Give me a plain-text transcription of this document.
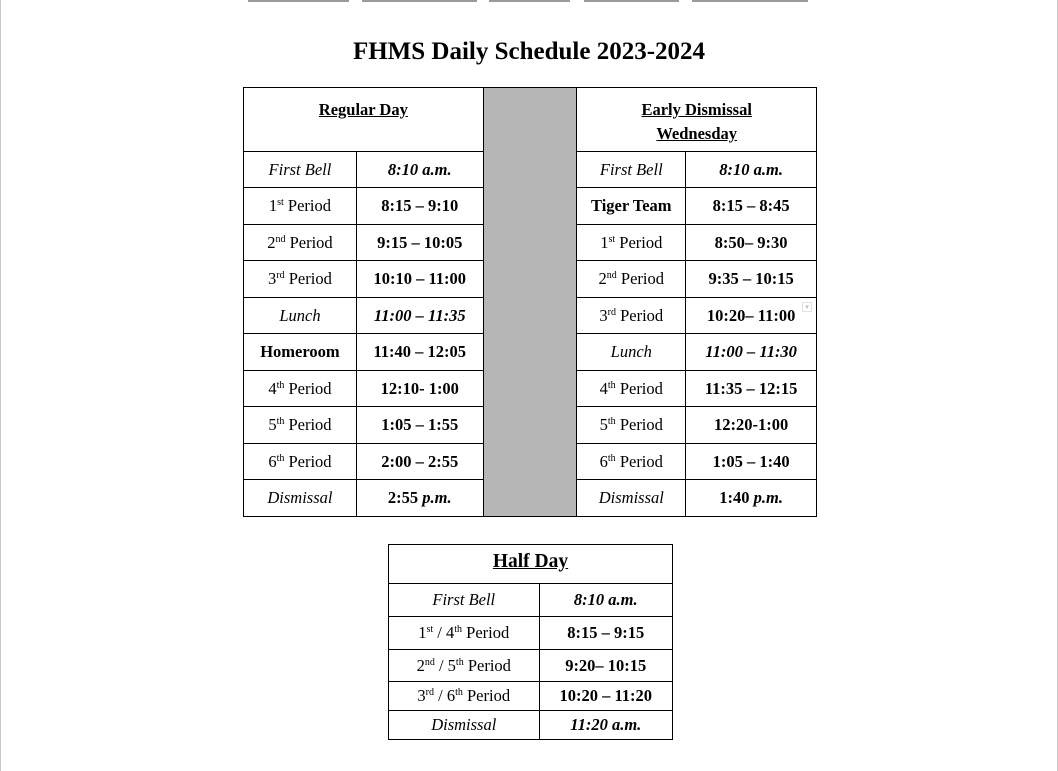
FHMS Daily Schedule 2023-2024
Regular Day			Early Dismissal
Wednesday	
First Bell	8:10 a.m.		First Bell	8:10 a.m.
1st Period	8:15 – 9:10		Tiger Team	8:15 – 8:45
2nd Period	9:15 – 10:05		1st Period	8:50– 9:30
3rd Period	10:10 – 11:00		2nd Period	9:35 – 10:15
Lunch	11:00 – 11:35		3rd Period	10:20– 11:00
Homeroom	11:40 – 12:05		Lunch	11:00 – 11:30
4th Period	12:10- 1:00		4th Period	11:35 – 12:15
5th Period	1:05 – 1:55		5th Period	12:20-1:00
6th Period	2:00 – 2:55		6th Period	1:05 – 1:40
Dismissal	2:55 p.m.		Dismissal	1:40 p.m.
▾
Half Day	
First Bell	8:10 a.m.
1st / 4th Period	8:15 – 9:15
2nd / 5th Period	9:20– 10:15
3rd / 6th Period	10:20 – 11:20
Dismissal	11:20 a.m.
